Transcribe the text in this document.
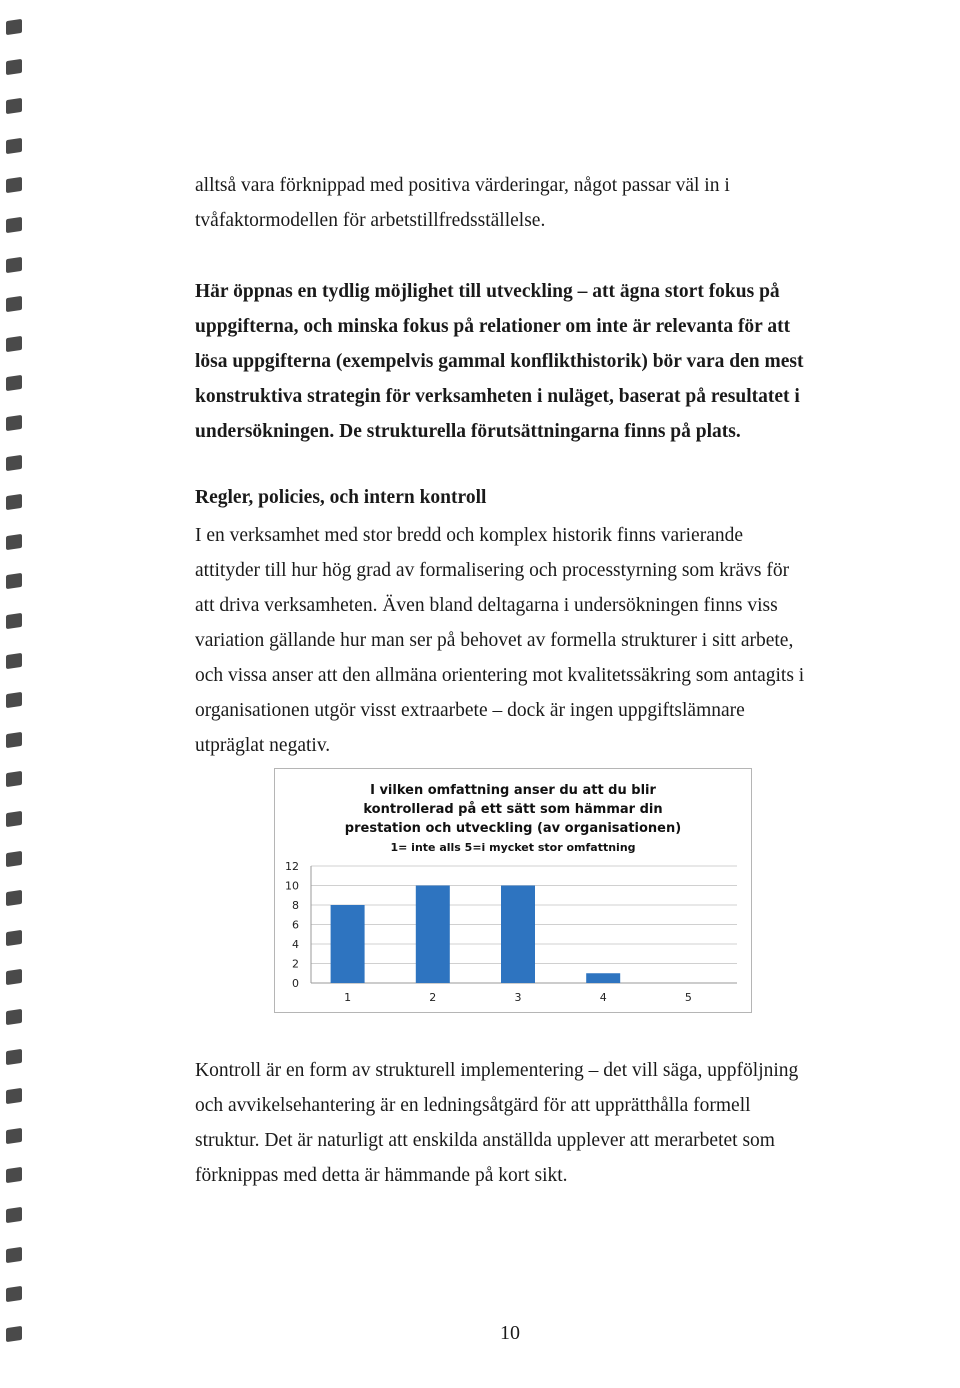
alltså vara förknippad med positiva värderingar, något passar väl in i
tvåfaktormodellen för arbetstillfredsställelse.

Här öppnas en tydlig möjlighet till utveckling – att ägna stort fokus på
uppgifterna, och minska fokus på relationer om inte är relevanta för att
lösa uppgifterna (exempelvis gammal konflikthistorik) bör vara den mest
konstruktiva strategin för verksamheten i nuläget, baserat på resultatet i
undersökningen. De strukturella förutsättningarna finns på plats.

Regler, policies, och intern kontroll

I en verksamhet med stor bredd och komplex historik finns varierande
attityder till hur hög grad av formalisering och processtyrning som krävs för
att driva verksamheten. Även bland deltagarna i undersökningen finns viss
variation gällande hur man ser på behovet av formella strukturer i sitt arbete,
och vissa anser att den allmäna orientering mot kvalitetssäkring som antagits i
organisationen utgör visst extraarbete – dock är ingen uppgiftslämnare
utpräglat negativ.

I vilken omfattning anser du att du blir
kontrollerad på ett sätt som hämmar din
prestation och utveckling (av organisationen)
1= inte alls 5=i mycket stor omfattning
0
2
4
6
8
10
12
1	2	3	4	5

Kontroll är en form av strukturell implementering – det vill säga, uppföljning
och avvikelsehantering är en ledningsåtgärd för att upprätthålla formell
struktur. Det är naturligt att enskilda anställda upplever att merarbetet som
förknippas med detta är hämmande på kort sikt.

10
